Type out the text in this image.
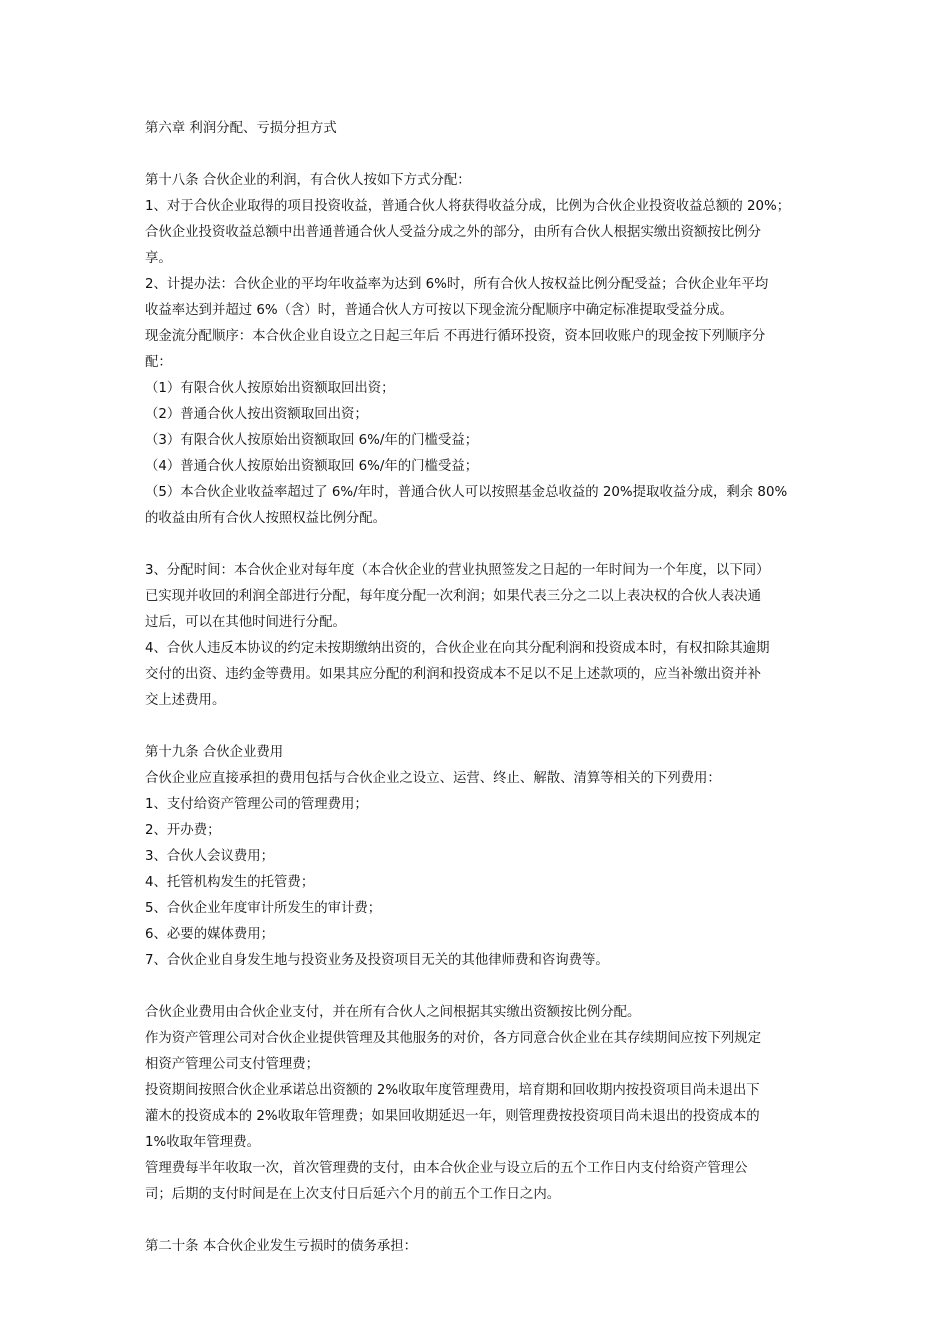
第六章 利润分配、亏损分担方式
第十八条 合伙企业的利润，有合伙人按如下方式分配：
1、对于合伙企业取得的项目投资收益，普通合伙人将获得收益分成，比例为合伙企业投资收益总额的 20%；
合伙企业投资收益总额中出普通普通合伙人受益分成之外的部分，由所有合伙人根据实缴出资额按比例分
享。
2、计提办法：合伙企业的平均年收益率为达到 6%时，所有合伙人按权益比例分配受益；合伙企业年平均
收益率达到并超过 6%（含）时，普通合伙人方可按以下现金流分配顺序中确定标准提取受益分成。
现金流分配顺序：本合伙企业自设立之日起三年后 不再进行循环投资，资本回收账户的现金按下列顺序分
配：
（1）有限合伙人按原始出资额取回出资；
（2）普通合伙人按出资额取回出资；
（3）有限合伙人按原始出资额取回 6%/年的门槛受益；
（4）普通合伙人按原始出资额取回 6%/年的门槛受益；
（5）本合伙企业收益率超过了 6%/年时，普通合伙人可以按照基金总收益的 20%提取收益分成，剩余 80%
的收益由所有合伙人按照权益比例分配。
3、分配时间：本合伙企业对每年度（本合伙企业的营业执照签发之日起的一年时间为一个年度，以下同）
已实现并收回的利润全部进行分配，每年度分配一次利润；如果代表三分之二以上表决权的合伙人表决通
过后，可以在其他时间进行分配。
4、合伙人违反本协议的约定未按期缴纳出资的，合伙企业在向其分配利润和投资成本时，有权扣除其逾期
交付的出资、违约金等费用。如果其应分配的利润和投资成本不足以不足上述款项的，应当补缴出资并补
交上述费用。
第十九条 合伙企业费用
合伙企业应直接承担的费用包括与合伙企业之设立、运营、终止、解散、清算等相关的下列费用：
1、支付给资产管理公司的管理费用；
2、开办费；
3、合伙人会议费用；
4、托管机构发生的托管费；
5、合伙企业年度审计所发生的审计费；
6、必要的媒体费用；
7、合伙企业自身发生地与投资业务及投资项目无关的其他律师费和咨询费等。
合伙企业费用由合伙企业支付，并在所有合伙人之间根据其实缴出资额按比例分配。
作为资产管理公司对合伙企业提供管理及其他服务的对价，各方同意合伙企业在其存续期间应按下列规定
相资产管理公司支付管理费；
投资期间按照合伙企业承诺总出资额的 2%收取年度管理费用，培育期和回收期内按投资项目尚未退出下
灌木的投资成本的 2%收取年管理费；如果回收期延迟一年，则管理费按投资项目尚未退出的投资成本的
1%收取年管理费。
管理费每半年收取一次，首次管理费的支付，由本合伙企业与设立后的五个工作日内支付给资产管理公
司；后期的支付时间是在上次支付日后延六个月的前五个工作日之内。
第二十条 本合伙企业发生亏损时的债务承担：
